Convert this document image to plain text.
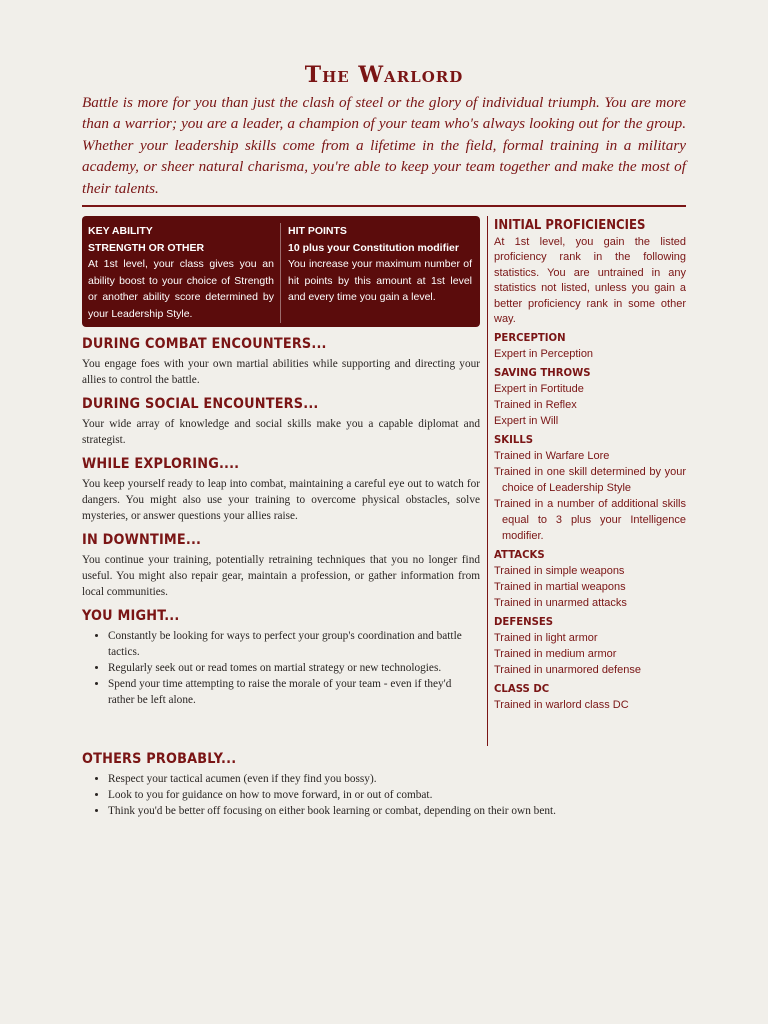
The Warlord

Battle is more for you than just the clash of steel or the glory of individual triumph. You are more than a warrior; you are a leader, a champion of your team who's always looking out for the group. Whether your leadership skills come from a lifetime in the field, formal training in a military academy, or sheer natural charisma, you're able to keep your team together and make the most of their talents.

KEY ABILITY
STRENGTH OR OTHER
At 1st level, your class gives you an ability boost to your choice of Strength or another ability score determined by your Leadership Style.
HIT POINTS
10 plus your Constitution modifier
You increase your maximum number of hit points by this amount at 1st level and every time you gain a level.
DURING COMBAT ENCOUNTERS...

You engage foes with your own martial abilities while supporting and directing your allies to control the battle.

DURING SOCIAL ENCOUNTERS...

Your wide array of knowledge and social skills make you a capable diplomat and strategist.

WHILE EXPLORING....

You keep yourself ready to leap into combat, maintaining a careful eye out to watch for dangers. You might also use your training to overcome physical obstacles, solve mysteries, or answer questions your allies raise.

IN DOWNTIME...

You continue your training, potentially retraining techniques that you no longer find useful. You might also repair gear, maintain a profession, or gather information from local communities.

YOU MIGHT...
• Constantly be looking for ways to perfect your group's coordination and battle tactics.
• Regularly seek out or read tomes on martial strategy or new technologies.
• Spend your time attempting to raise the morale of your team - even if they'd rather be left alone.
OTHERS PROBABLY...
• Respect your tactical acumen (even if they find you bossy).
• Look to you for guidance on how to move forward, in or out of combat.
• Think you'd be better off focusing on either book learning or combat, depending on their own bent.
INITIAL PROFICIENCIES

At 1st level, you gain the listed proficiency rank in the following statistics. You are untrained in any statistics not listed, unless you gain a better proficiency rank in some other way.

PERCEPTION
Expert in Perception
SAVING THROWS
Expert in Fortitude
Trained in Reflex
Expert in Will
SKILLS
Trained in Warfare Lore
Trained in one skill determined by your choice of Leadership Style
Trained in a number of additional skills equal to 3 plus your Intelligence modifier.
ATTACKS
Trained in simple weapons
Trained in martial weapons
Trained in unarmed attacks
DEFENSES
Trained in light armor
Trained in medium armor
Trained in unarmored defense
CLASS DC
Trained in warlord class DC
